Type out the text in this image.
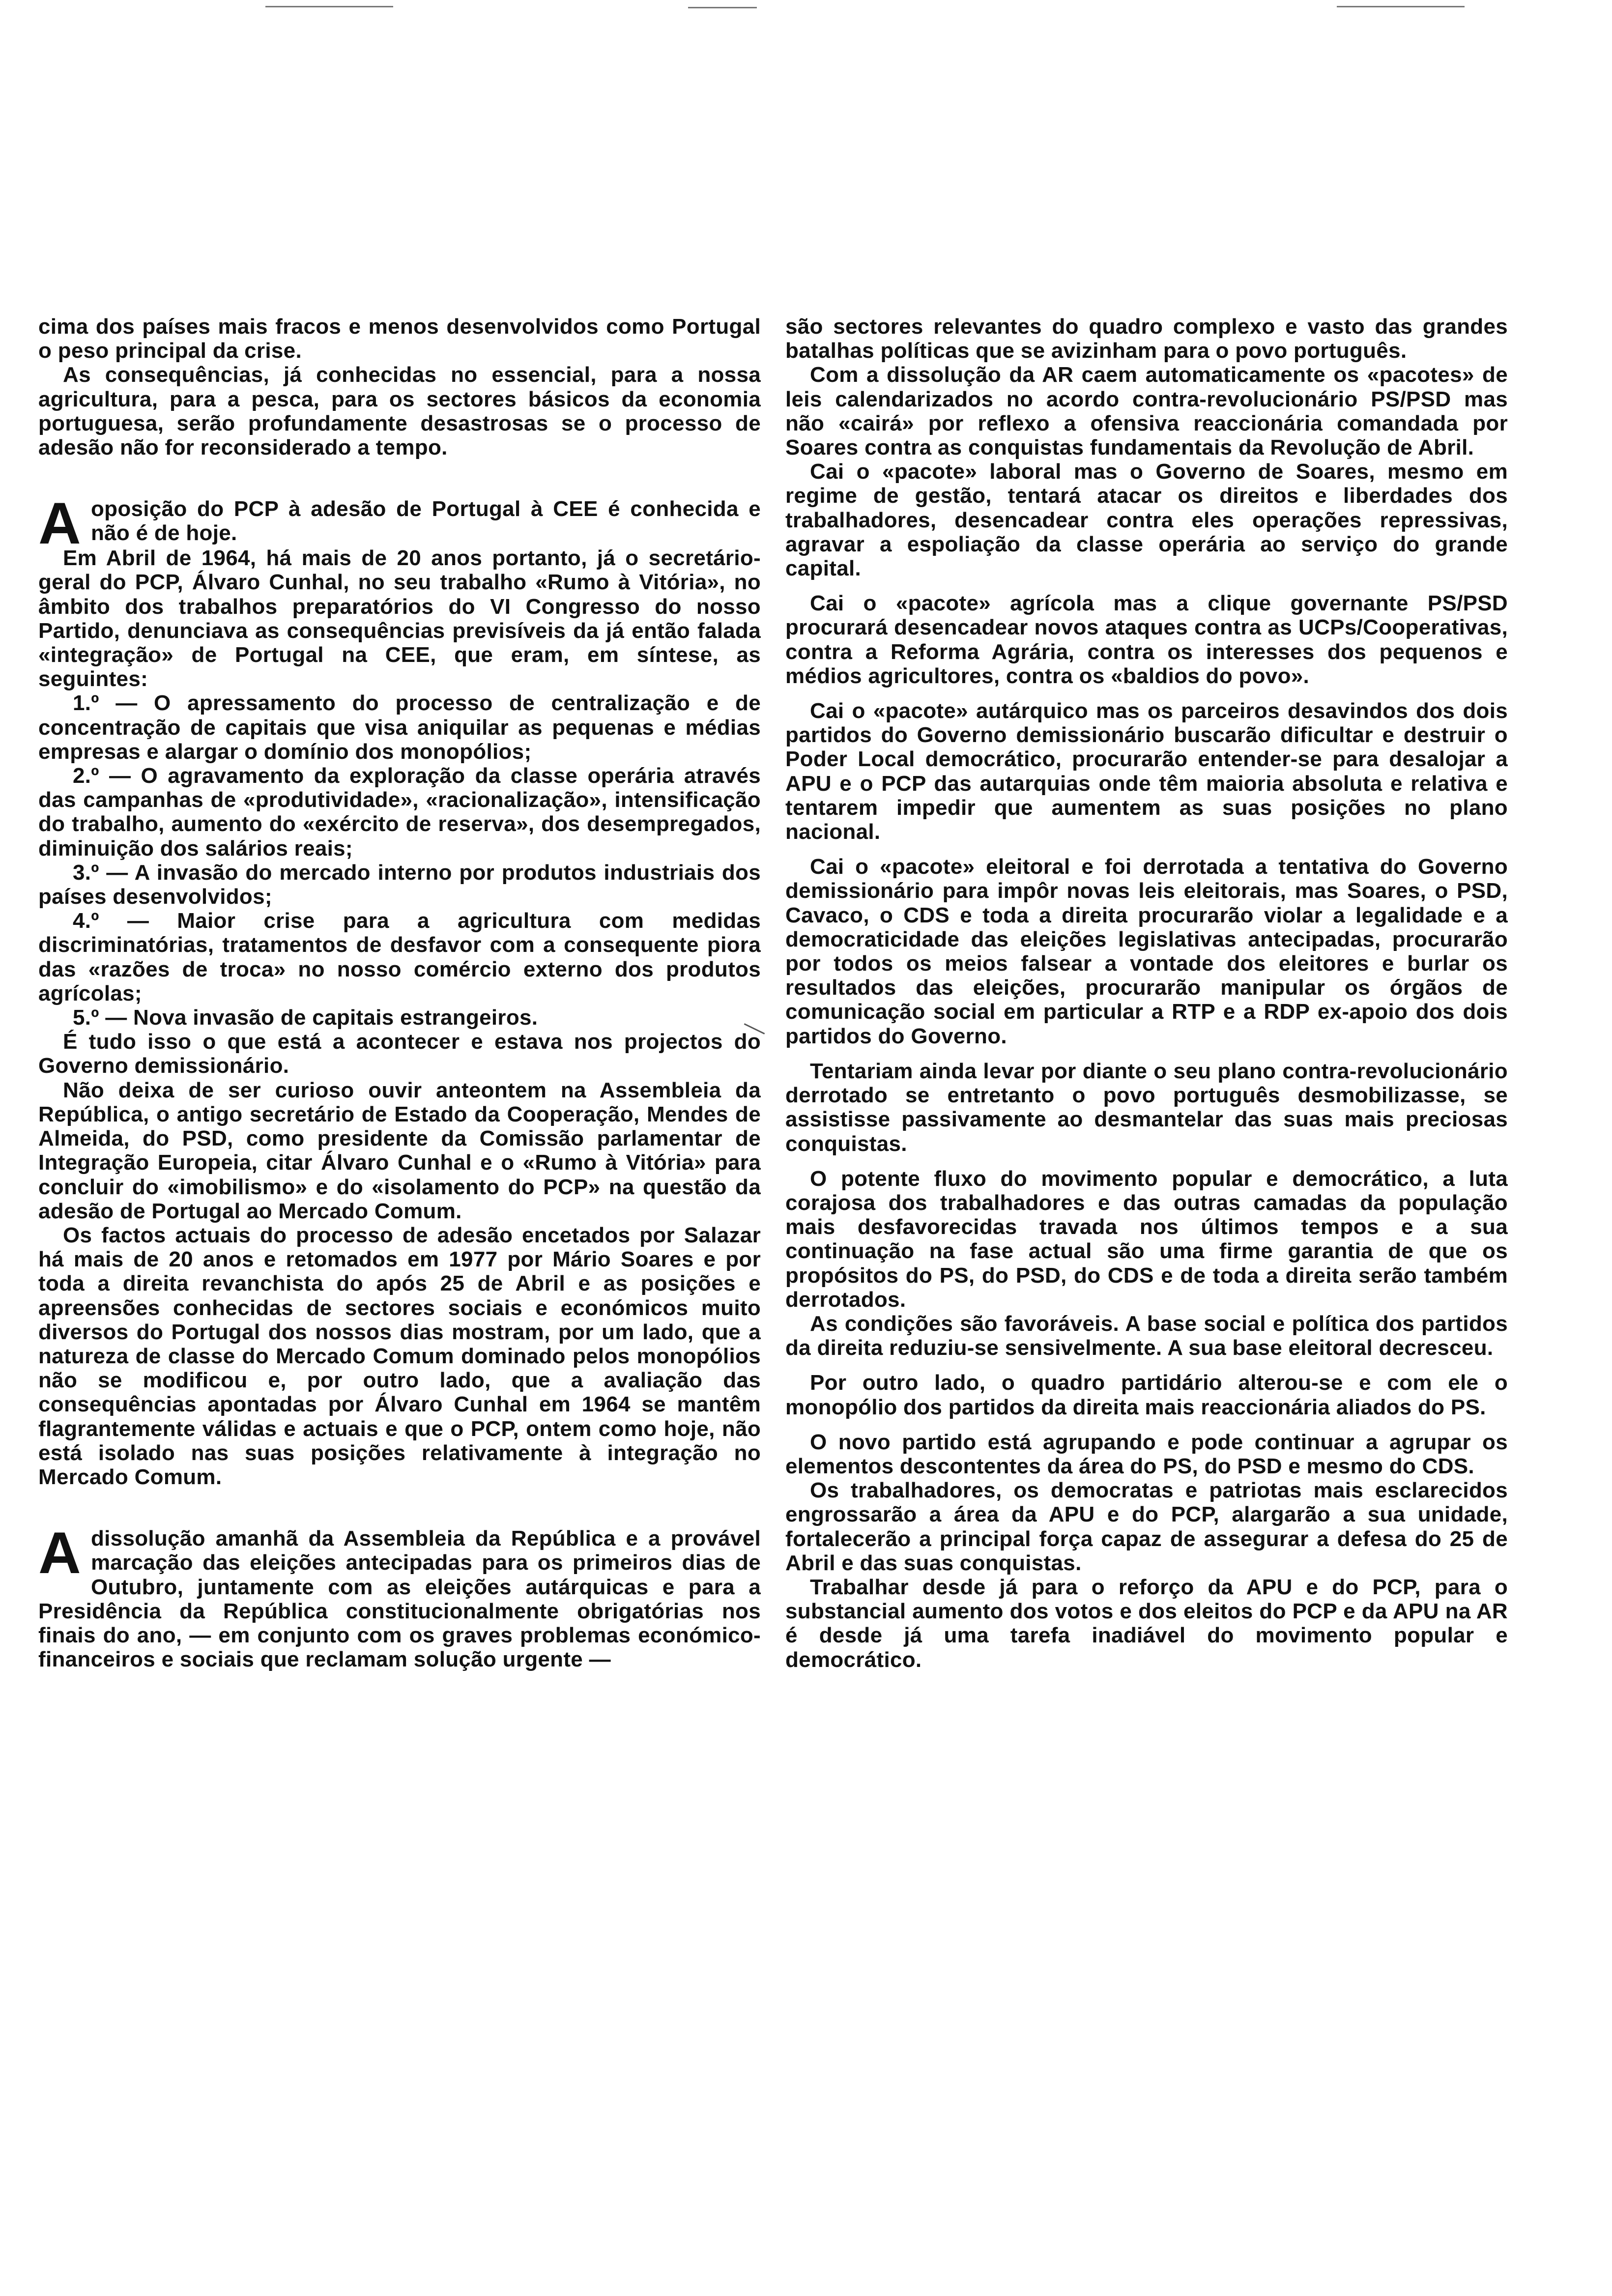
cima dos países mais fracos e menos desenvolvidos como Portugal o peso principal da crise.

As consequências, já conhecidas no essencial, para a nossa agricultura, para a pesca, para os sectores básicos da economia portuguesa, serão profundamente desastrosas se o processo de adesão não for reconsiderado a tempo.

A oposição do PCP à adesão de Portugal à CEE é conhecida e não é de hoje.

Em Abril de 1964, há mais de 20 anos portanto, já o secretário-geral do PCP, Álvaro Cunhal, no seu trabalho «Rumo à Vitória», no âmbito dos trabalhos preparatórios do VI Congresso do nosso Partido, denunciava as consequências previsíveis da já então falada «integração» de Portugal na CEE, que eram, em síntese, as seguintes:

1.º — O apressamento do processo de centralização e de concentração de capitais que visa aniquilar as pequenas e médias empresas e alargar o domínio dos monopólios;

2.º — O agravamento da exploração da classe operária através das campanhas de «produtividade», «racionalização», intensificação do trabalho, aumento do «exército de reserva», dos desempregados, diminuição dos salários reais;

3.º — A invasão do mercado interno por produtos industriais dos países desenvolvidos;

4.º — Maior crise para a agricultura com medidas discriminatórias, tratamentos de desfavor com a consequente piora das «razões de troca» no nosso comércio externo dos produtos agrícolas;

5.º — Nova invasão de capitais estrangeiros.

É tudo isso o que está a acontecer e estava nos projectos do Governo demissionário.

Não deixa de ser curioso ouvir anteontem na Assembleia da República, o antigo secretário de Estado da Cooperação, Mendes de Almeida, do PSD, como presidente da Comissão parlamentar de Integração Europeia, citar Álvaro Cunhal e o «Rumo à Vitória» para concluir do «imobilismo» e do «isolamento do PCP» na questão da adesão de Portugal ao Mercado Comum.

Os factos actuais do processo de adesão encetados por Salazar há mais de 20 anos e retomados em 1977 por Mário Soares e por toda a direita revanchista do após 25 de Abril e as posições e apreensões conhecidas de sectores sociais e económicos muito diversos do Portugal dos nossos dias mostram, por um lado, que a natureza de classe do Mercado Comum dominado pelos monopólios não se modificou e, por outro lado, que a avaliação das consequências apontadas por Álvaro Cunhal em 1964 se mantêm flagrantemente válidas e actuais e que o PCP, ontem como hoje, não está isolado nas suas posições relativamente à integração no Mercado Comum.

A dissolução amanhã da Assembleia da República e a provável marcação das eleições antecipadas para os primeiros dias de Outubro, juntamente com as eleições autárquicas e para a Presidência da República constitucionalmente obrigatórias nos finais do ano, — em conjunto com os graves problemas económico-financeiros e sociais que reclamam solução urgente —

são sectores relevantes do quadro complexo e vasto das grandes batalhas políticas que se avizinham para o povo português.

Com a dissolução da AR caem automaticamente os «pacotes» de leis calendarizados no acordo contra-revolucionário PS/PSD mas não «cairá» por reflexo a ofensiva reaccionária comandada por Soares contra as conquistas fundamentais da Revolução de Abril.

Cai o «pacote» laboral mas o Governo de Soares, mesmo em regime de gestão, tentará atacar os direitos e liberdades dos trabalhadores, desencadear contra eles operações repressivas, agravar a espoliação da classe operária ao serviço do grande capital.

Cai o «pacote» agrícola mas a clique governante PS/PSD procurará desencadear novos ataques contra as UCPs/Cooperativas, contra a Reforma Agrária, contra os interesses dos pequenos e médios agricultores, contra os «baldios do povo».

Cai o «pacote» autárquico mas os parceiros desavindos dos dois partidos do Governo demissionário buscarão dificultar e destruir o Poder Local democrático, procurarão entender-se para desalojar a APU e o PCP das autarquias onde têm maioria absoluta e relativa e tentarem impedir que aumentem as suas posições no plano nacional.

Cai o «pacote» eleitoral e foi derrotada a tentativa do Governo demissionário para impôr novas leis eleitorais, mas Soares, o PSD, Cavaco, o CDS e toda a direita procurarão violar a legalidade e a democraticidade das eleições legislativas antecipadas, procurarão por todos os meios falsear a vontade dos eleitores e burlar os resultados das eleições, procurarão manipular os órgãos de comunicação social em particular a RTP e a RDP ex-apoio dos dois partidos do Governo.

Tentariam ainda levar por diante o seu plano contra-revolucionário derrotado se entretanto o povo português desmobilizasse, se assistisse passivamente ao desmantelar das suas mais preciosas conquistas.

O potente fluxo do movimento popular e democrático, a luta corajosa dos trabalhadores e das outras camadas da população mais desfavorecidas travada nos últimos tempos e a sua continuação na fase actual são uma firme garantia de que os propósitos do PS, do PSD, do CDS e de toda a direita serão também derrotados.

As condições são favoráveis. A base social e política dos partidos da direita reduziu-se sensivelmente. A sua base eleitoral decresceu.

Por outro lado, o quadro partidário alterou-se e com ele o monopólio dos partidos da direita mais reaccionária aliados do PS.

O novo partido está agrupando e pode continuar a agrupar os elementos descontentes da área do PS, do PSD e mesmo do CDS.

Os trabalhadores, os democratas e patriotas mais esclarecidos engrossarão a área da APU e do PCP, alargarão a sua unidade, fortalecerão a principal força capaz de assegurar a defesa do 25 de Abril e das suas conquistas.

Trabalhar desde já para o reforço da APU e do PCP, para o substancial aumento dos votos e dos eleitos do PCP e da APU na AR é desde já uma tarefa inadiável do movimento popular e democrático.
